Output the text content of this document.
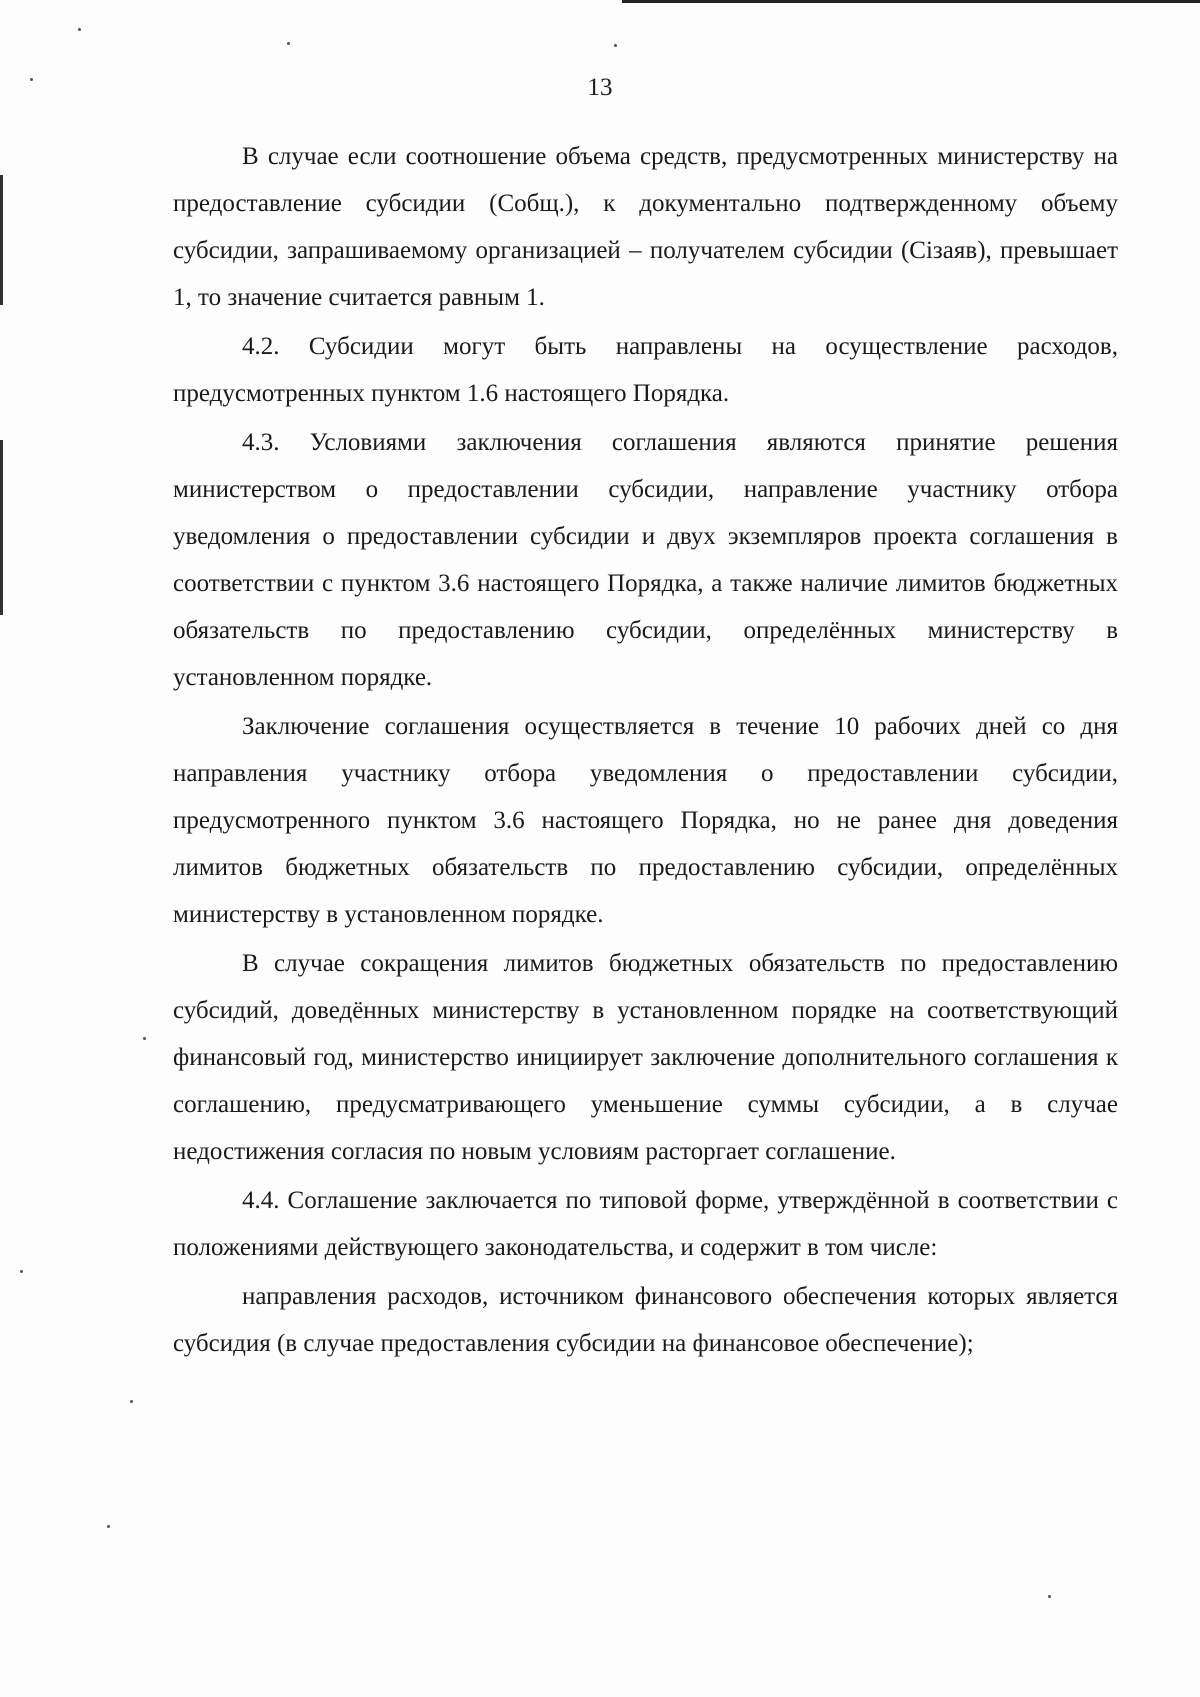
13

В случае если соотношение объема средств, предусмотренных министерству на предоставление субсидии (Cобщ.), к документально подтвержденному объему субсидии, запрашиваемому организацией – получателем субсидии (Ciзаяв), превышает 1, то значение считается равным 1.

4.2. Субсидии могут быть направлены на осуществление расходов, предусмотренных пунктом 1.6 настоящего Порядка.

4.3. Условиями заключения соглашения являются принятие решения министерством о предоставлении субсидии, направление участнику отбора уведомления о предоставлении субсидии и двух экземпляров проекта соглашения в соответствии с пунктом 3.6 настоящего Порядка, а также наличие лимитов бюджетных обязательств по предоставлению субсидии, определённых министерству в установленном порядке.

Заключение соглашения осуществляется в течение 10 рабочих дней со дня направления участнику отбора уведомления о предоставлении субсидии, предусмотренного пунктом 3.6 настоящего Порядка, но не ранее дня доведения лимитов бюджетных обязательств по предоставлению субсидии, определённых министерству в установленном порядке.

В случае сокращения лимитов бюджетных обязательств по предоставлению субсидий, доведённых министерству в установленном порядке на соответствующий финансовый год, министерство инициирует заключение дополнительного соглашения к соглашению, предусматривающего уменьшение суммы субсидии, а в случае недостижения согласия по новым условиям расторгает соглашение.

4.4. Соглашение заключается по типовой форме, утверждённой в соответствии с положениями действующего законодательства, и содержит в том числе:

направления расходов, источником финансового обеспечения которых является субсидия (в случае предоставления субсидии на финансовое обеспечение);
